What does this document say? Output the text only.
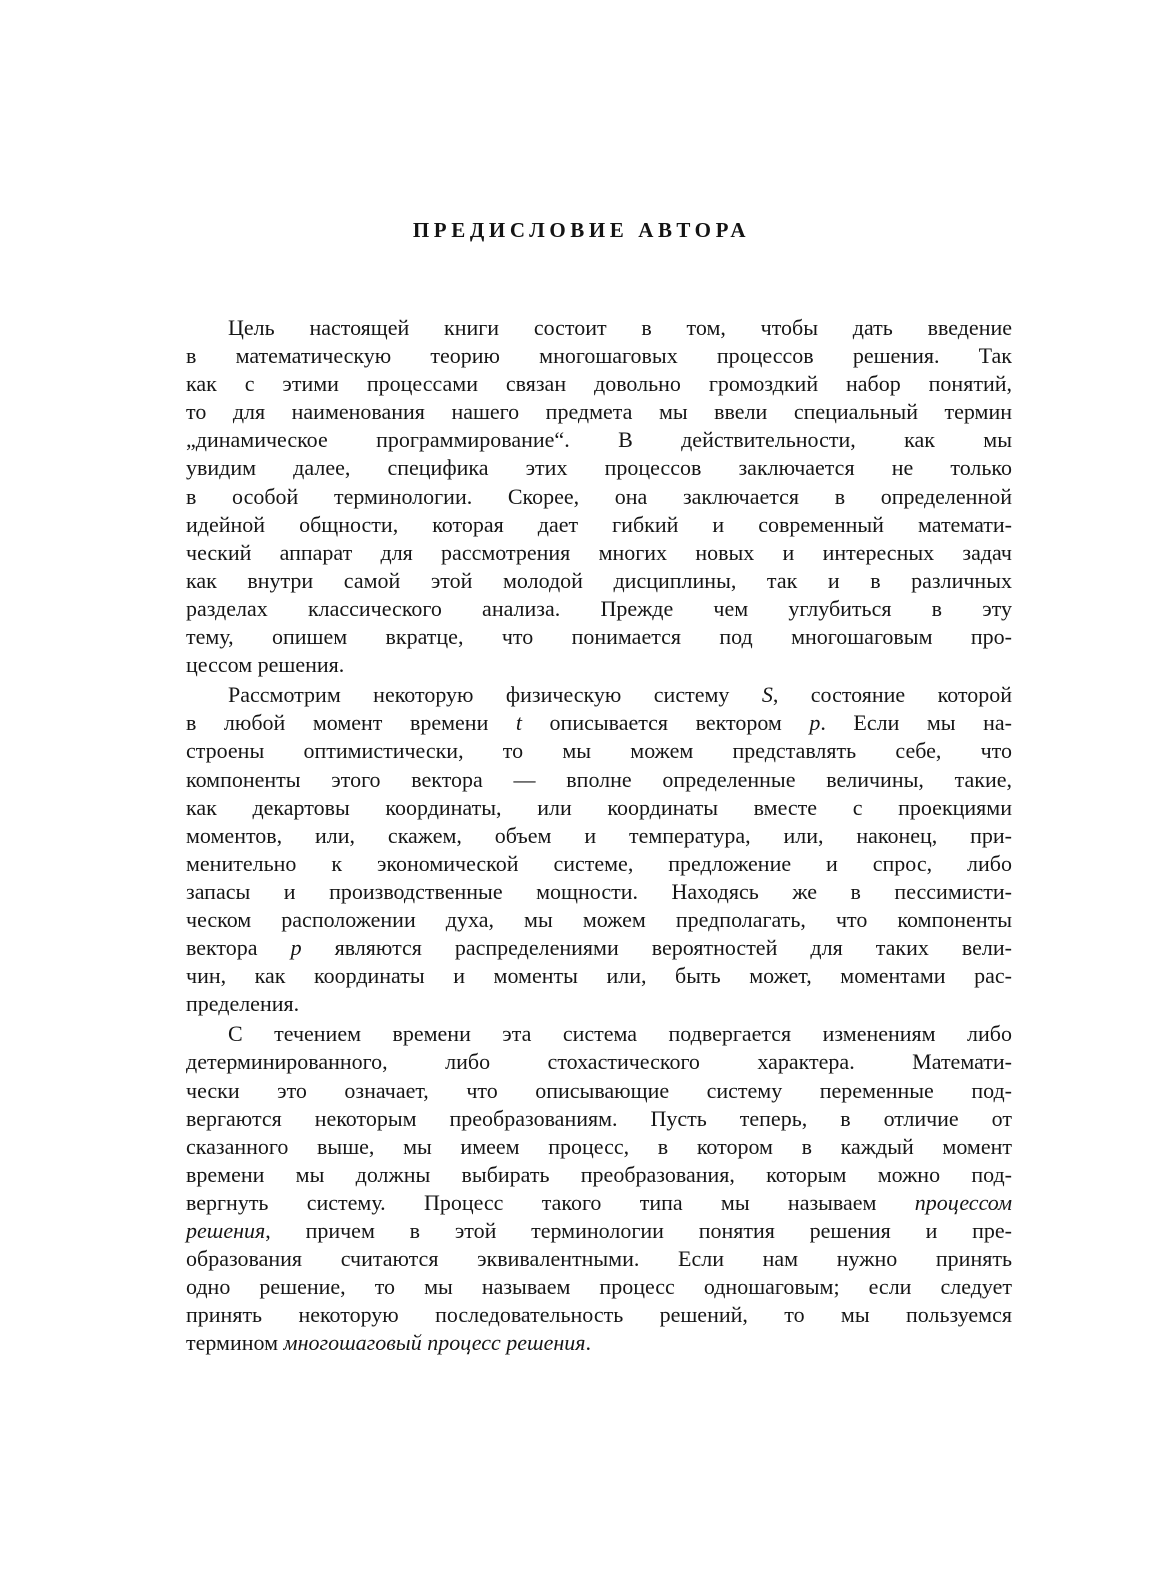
ПРЕДИСЛОВИЕ АВТОРА

Цель настоящей книги состоит в том, чтобы дать введение
в математическую теорию многошаговых процессов решения. Так
как с этими процессами связан довольно громоздкий набор понятий,
то для наименования нашего предмета мы ввели специальный термин
„динамическое программирование“. В действительности, как мы
увидим далее, специфика этих процессов заключается не только
в особой терминологии. Скорее, она заключается в определенной
идейной общности, которая дает гибкий и современный математи-
ческий аппарат для рассмотрения многих новых и интересных задач
как внутри самой этой молодой дисциплины, так и в различных
разделах классического анализа. Прежде чем углубиться в эту
тему, опишем вкратце, что понимается под многошаговым про-
цессом решения.

Рассмотрим некоторую физическую систему S, состояние которой
в любой момент времени t описывается вектором p. Если мы на-
строены оптимистически, то мы можем представлять себе, что
компоненты этого вектора — вполне определенные величины, такие,
как декартовы координаты, или координаты вместе с проекциями
моментов, или, скажем, объем и температура, или, наконец, при-
менительно к экономической системе, предложение и спрос, либо
запасы и производственные мощности. Находясь же в пессимисти-
ческом расположении духа, мы можем предполагать, что компоненты
вектора p являются распределениями вероятностей для таких вели-
чин, как координаты и моменты или, быть может, моментами рас-
пределения.

С течением времени эта система подвергается изменениям либо
детерминированного, либо стохастического характера. Математи-
чески это означает, что описывающие систему переменные под-
вергаются некоторым преобразованиям. Пусть теперь, в отличие от
сказанного выше, мы имеем процесс, в котором в каждый момент
времени мы должны выбирать преобразования, которым можно под-
вергнуть систему. Процесс такого типа мы называем процессом
решения, причем в этой терминологии понятия решения и пре-
образования считаются эквивалентными. Если нам нужно принять
одно решение, то мы называем процесс одношаговым; если следует
принять некоторую последовательность решений, то мы пользуемся
термином многошаговый процесс решения.
